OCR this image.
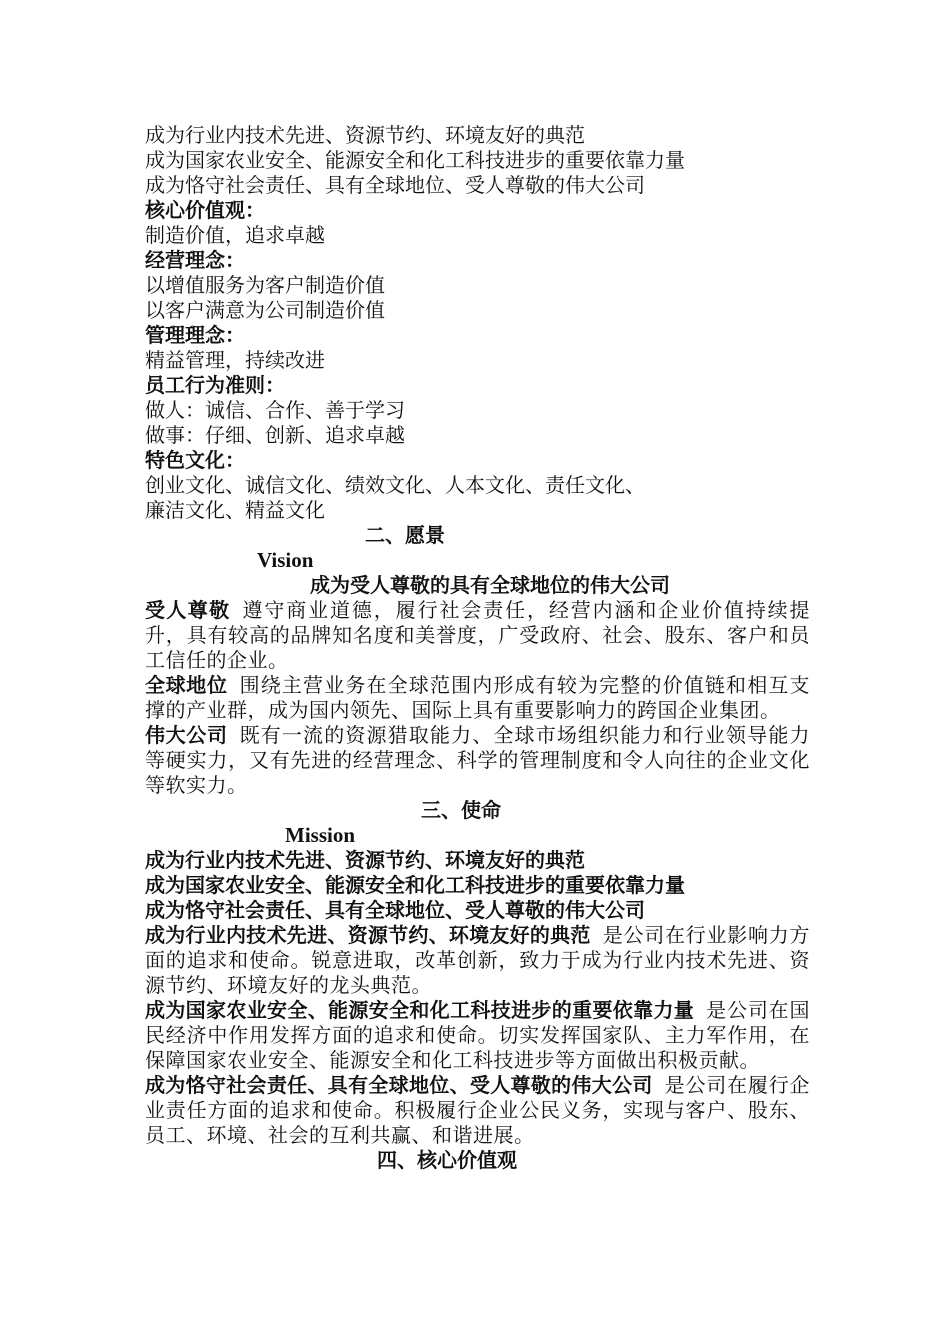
成为行业内技术先进、资源节约、环境友好的典范
成为国家农业安全、能源安全和化工科技进步的重要依靠力量
成为恪守社会责任、具有全球地位、受人尊敬的伟大公司
核心价值观：
制造价值，追求卓越
经营理念：
以增值服务为客户制造价值
以客户满意为公司制造价值
管理理念：
精益管理，持续改进
员工行为准则：
做人：诚信、合作、善于学习
做事：仔细、创新、追求卓越
特色文化：
创业文化、诚信文化、绩效文化、人本文化、责任文化、
廉洁文化、精益文化
二、愿景
Vision
成为受人尊敬的具有全球地位的伟大公司
受人尊敬 遵守商业道德，履行社会责任，经营内涵和企业价值持续提升，具有较高的品牌知名度和美誉度，广受政府、社会、股东、客户和员工信任的企业。
全球地位 围绕主营业务在全球范围内形成有较为完整的价值链和相互支撑的产业群，成为国内领先、国际上具有重要影响力的跨国企业集团。
伟大公司 既有一流的资源猎取能力、全球市场组织能力和行业领导能力等硬实力，又有先进的经营理念、科学的管理制度和令人向往的企业文化等软实力。
三、使命
Mission
成为行业内技术先进、资源节约、环境友好的典范
成为国家农业安全、能源安全和化工科技进步的重要依靠力量
成为恪守社会责任、具有全球地位、受人尊敬的伟大公司
成为行业内技术先进、资源节约、环境友好的典范 是公司在行业影响力方面的追求和使命。锐意进取，改革创新，致力于成为行业内技术先进、资源节约、环境友好的龙头典范。
成为国家农业安全、能源安全和化工科技进步的重要依靠力量 是公司在国民经济中作用发挥方面的追求和使命。切实发挥国家队、主力军作用，在保障国家农业安全、能源安全和化工科技进步等方面做出积极贡献。
成为恪守社会责任、具有全球地位、受人尊敬的伟大公司 是公司在履行企业责任方面的追求和使命。积极履行企业公民义务，实现与客户、股东、员工、环境、社会的互利共赢、和谐进展。
四、核心价值观
